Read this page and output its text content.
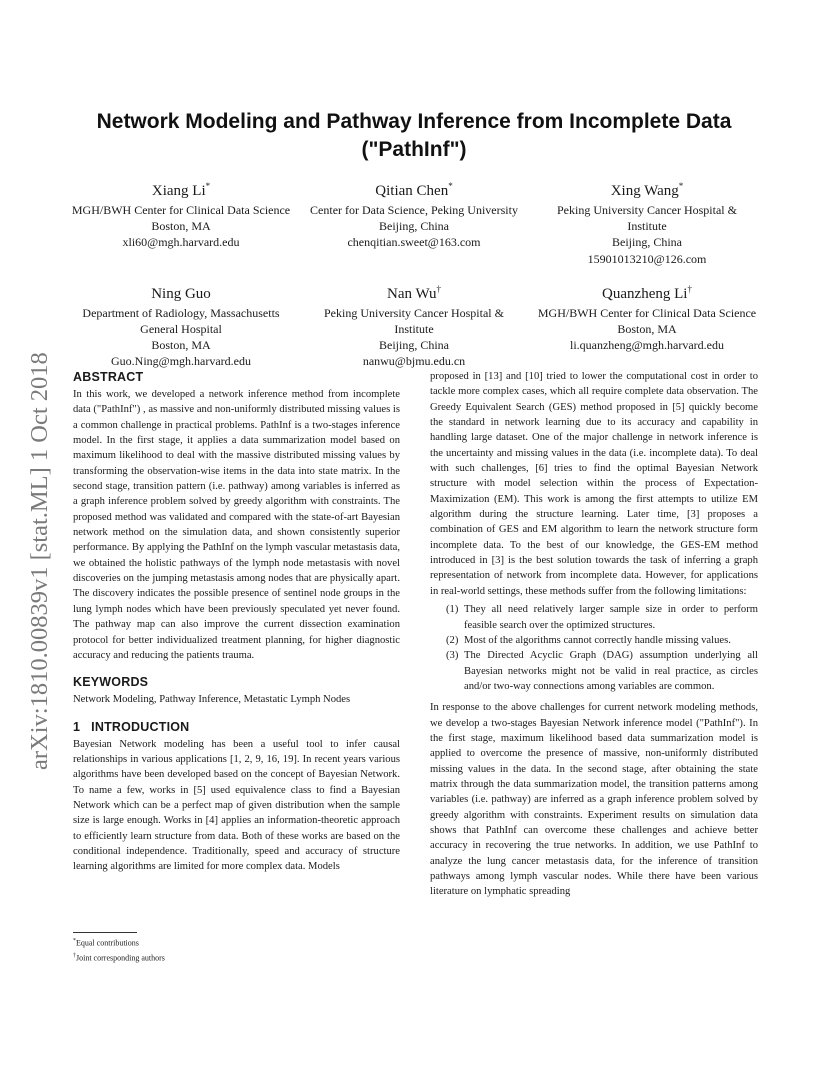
arXiv:1810.00839v1 [stat.ML] 1 Oct 2018
Network Modeling and Pathway Inference from Incomplete Data ("PathInf")
Xiang Li*
MGH/BWH Center for Clinical Data Science
Boston, MA
xli60@mgh.harvard.edu
Qitian Chen*
Center for Data Science, Peking University
Beijing, China
chenqitian.sweet@163.com
Xing Wang*
Peking University Cancer Hospital & Institute
Beijing, China
15901013210@126.com
Ning Guo
Department of Radiology, Massachusetts General Hospital
Boston, MA
Guo.Ning@mgh.harvard.edu
Nan Wu†
Peking University Cancer Hospital & Institute
Beijing, China
nanwu@bjmu.edu.cn
Quanzheng Li†
MGH/BWH Center for Clinical Data Science
Boston, MA
li.quanzheng@mgh.harvard.edu
ABSTRACT

In this work, we developed a network inference method from incomplete data ("PathInf") , as massive and non-uniformly distributed missing values is a common challenge in practical problems. PathInf is a two-stages inference model. In the first stage, it applies a data summarization model based on maximum likelihood to deal with the massive distributed missing values by transforming the observation-wise items in the data into state matrix. In the second stage, transition pattern (i.e. pathway) among variables is inferred as a graph inference problem solved by greedy algorithm with constraints. The proposed method was validated and compared with the state-of-art Bayesian network method on the simulation data, and shown consistently superior performance. By applying the PathInf on the lymph vascular metastasis data, we obtained the holistic pathways of the lymph node metastasis with novel discoveries on the jumping metastasis among nodes that are physically apart. The discovery indicates the possible presence of sentinel node groups in the lung lymph nodes which have been previously speculated yet never found. The pathway map can also improve the current dissection examination protocol for better individualized treatment planning, for higher diagnostic accuracy and reducing the patients trauma.

KEYWORDS

Network Modeling, Pathway Inference, Metastatic Lymph Nodes

1   INTRODUCTION

Bayesian Network modeling has been a useful tool to infer causal relationships in various applications [1, 2, 9, 16, 19]. In recent years various algorithms have been developed based on the concept of Bayesian Network. To name a few, works in [5] used equivalence class to find a Bayesian Network which can be a perfect map of given distribution when the sample size is large enough. Works in [4] applies an information-theoretic approach to efficiently learn structure from data. Both of these works are based on the conditional independence. Traditionally, speed and accuracy of structure learning algorithms are limited for more complex data. Models

proposed in [13] and [10] tried to lower the computational cost in order to tackle more complex cases, which all require complete data observation. The Greedy Equivalent Search (GES) method proposed in [5] quickly become the standard in network learning due to its accuracy and capability in handling large dataset. One of the major challenge in network inference is the uncertainty and missing values in the data (i.e. incomplete data). To deal with such challenges, [6] tries to find the optimal Bayesian Network structure with model selection within the process of Expectation-Maximization (EM). This work is among the first attempts to utilize EM algorithm during the structure learning. Later time, [3] proposes a combination of GES and EM algorithm to learn the network structure form incomplete data. To the best of our knowledge, the GES-EM method introduced in [3] is the best solution towards the task of inferring a graph representation of network from incomplete data. However, for applications in real-world settings, these methods suffer from the following limitations:

(1) They all need relatively larger sample size in order to perform feasible search over the optimized structures.
(2) Most of the algorithms cannot correctly handle missing values.
(3) The Directed Acyclic Graph (DAG) assumption underlying all Bayesian networks might not be valid in real practice, as circles and/or two-way connections among variables are common.

In response to the above challenges for current network modeling methods, we develop a two-stages Bayesian Network inference model ("PathInf"). In the first stage, maximum likelihood based data summarization model is applied to overcome the presence of massive, non-uniformly distributed missing values in the data. In the second stage, after obtaining the state matrix through the data summarization model, the transition patterns among variables (i.e. pathway) are inferred as a graph inference problem solved by greedy algorithm with constraints. Experiment results on simulation data shows that PathInf can overcome these challenges and achieve better accuracy in recovering the true networks. In addition, we use PathInf to analyze the lung cancer metastasis data, for the inference of transition pathways among lymph vascular nodes. While there have been various literature on lymphatic spreading

*Equal contributions
†Joint corresponding authors
